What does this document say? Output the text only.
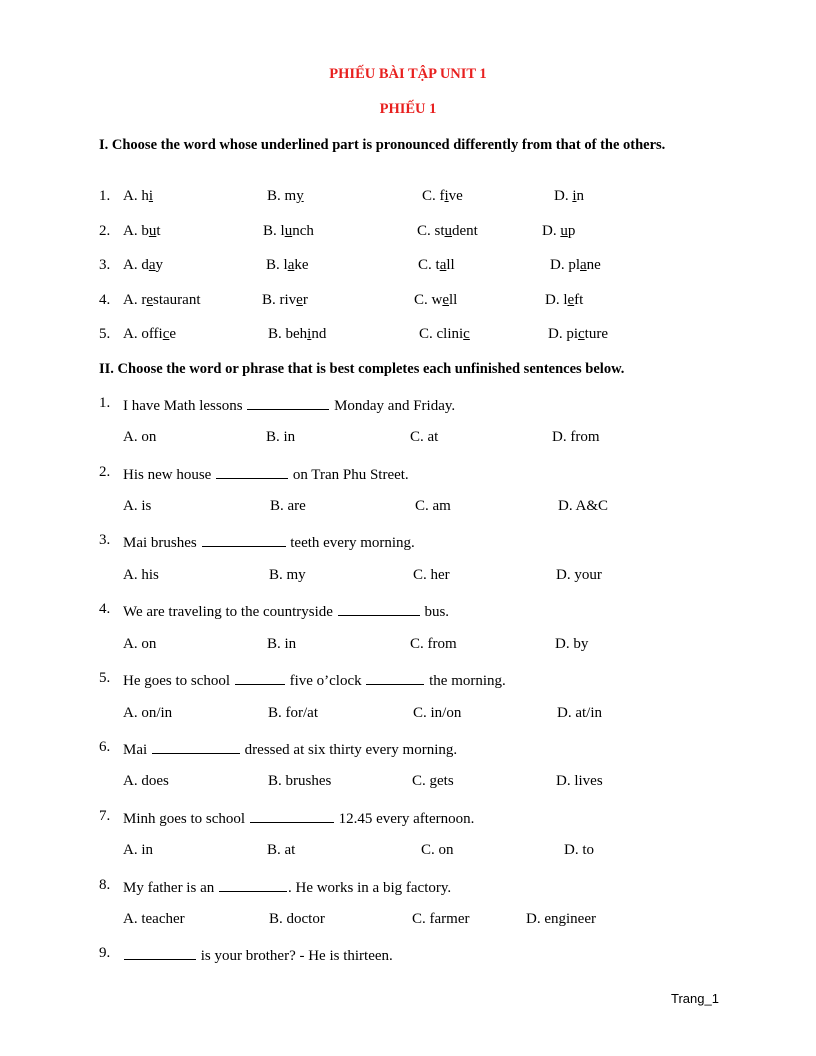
PHIẾU BÀI TẬP UNIT 1
PHIẾU 1
I. Choose the word whose underlined part is pronounced differently from that of the others.
1. A. hi	B. my	C. five	D. in
2. A. but	B. lunch	C. student	D. up
3. A. day	B. lake	C. tall	D. plane
4. A. restaurant	B. river	C. well	D. left
5. A. office	B. behind	C. clinic	D. picture
II. Choose the word or phrase that is best completes each unfinished sentences below.
1. I have Math lessons	Monday and Friday.
A. on	B. in	C. at	D. from
2. His new house	on Tran Phu Street.
A. is	B. are	C. am	D. A&C
3. Mai brushes	teeth every morning.
A. his	B. my	C. her	D. your
4. We are traveling to the countryside	bus.
A. on	B. in	C. from	D. by
5. He goes to school	five o’clock	the morning.
A. on/in	B. for/at	C. in/on	D. at/in
6. Mai	dressed at six thirty every morning.
A. does	B. brushes	C. gets	D. lives
7. Minh goes to school	12.45 every afternoon.
A. in	B. at	C. on	D. to
8. My father is an	. He works in a big factory.
A. teacher	B. doctor	C. farmer	D. engineer
9.	is your brother? - He is thirteen.
Trang_1
